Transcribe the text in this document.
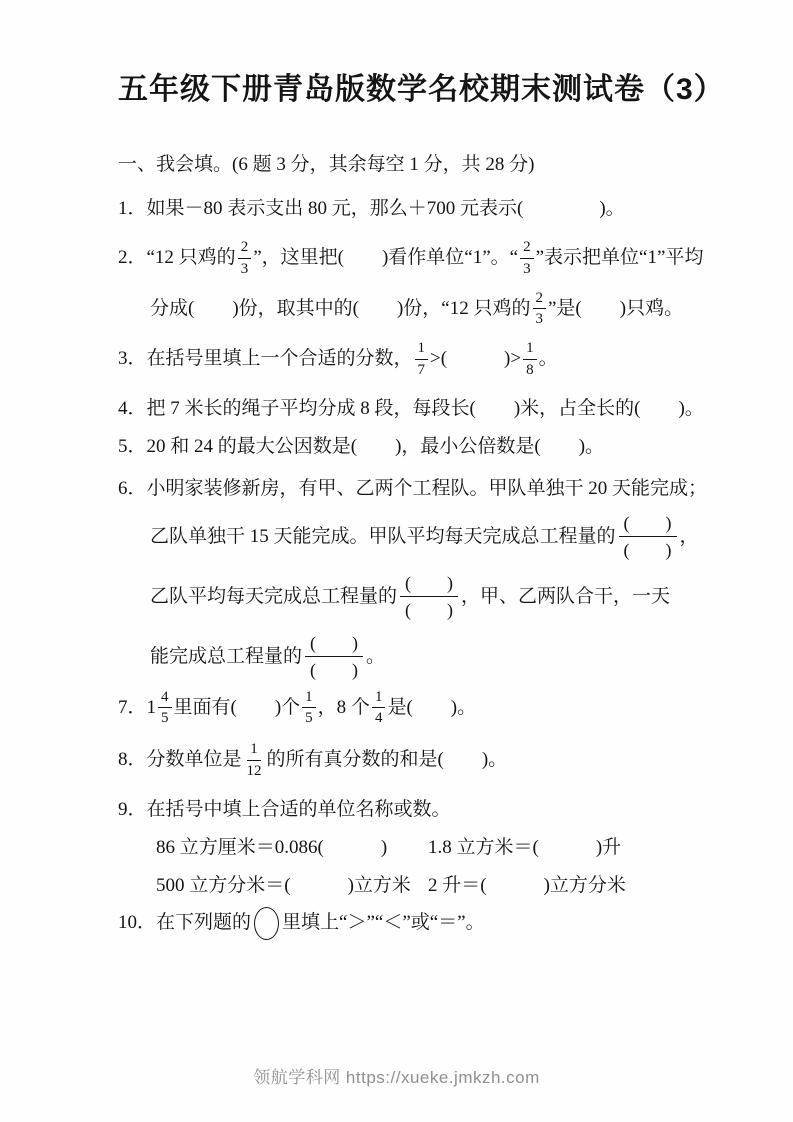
五年级下册青岛版数学名校期末测试卷（3）
一、我会填。(6 题 3 分，其余每空 1 分，共 28 分)
1．如果－80 表示支出 80 元，那么＋700 元表示(　　　　)。
2．“12 只鸡的 $\frac{2}{3}$ ”，这里把(　　)看作单位“1”。“ $\frac{2}{3}$ ”表示把单位“1”平均
分成(　　)份，取其中的(　　)份，“12 只鸡的 $\frac{2}{3}$ ”是(　　)只鸡。
3．在括号里填上一个合适的分数， $\frac{1}{7}$ >(　　　)> $\frac{1}{8}$ 。
4．把 7 米长的绳子平均分成 8 段，每段长(　　)米，占全长的(　　)。
5．20 和 24 的最大公因数是(　　)，最小公倍数是(　　)。
6．小明家装修新房，有甲、乙两个工程队。甲队单独干 20 天能完成；
乙队单独干 15 天能完成。甲队平均每天完成总工程量的 $\frac{( )}{( )}$ ，
乙队平均每天完成总工程量的 $\frac{( )}{( )}$ ，甲、乙两队合干，一天
能完成总工程量的 $\frac{( )}{( )}$ 。
7．$1 \frac{4}{5}$ 里面有(　　)个 $\frac{1}{5}$ ，8 个 $\frac{1}{4}$ 是(　　)。
8．分数单位是 $\frac{1}{12}$ 的所有真分数的和是(　　)。
9．在括号中填上合适的单位名称或数。
86 立方厘米＝0.086(　　　)	1.8 立方米＝(　　　)升
500 立方分米＝(　　　)立方米 2 升＝(　　　)立方分米
10．在下列题的 里填上“＞”“＜”或“＝”。
领航学科网 https://xueke.jmkzh.com
